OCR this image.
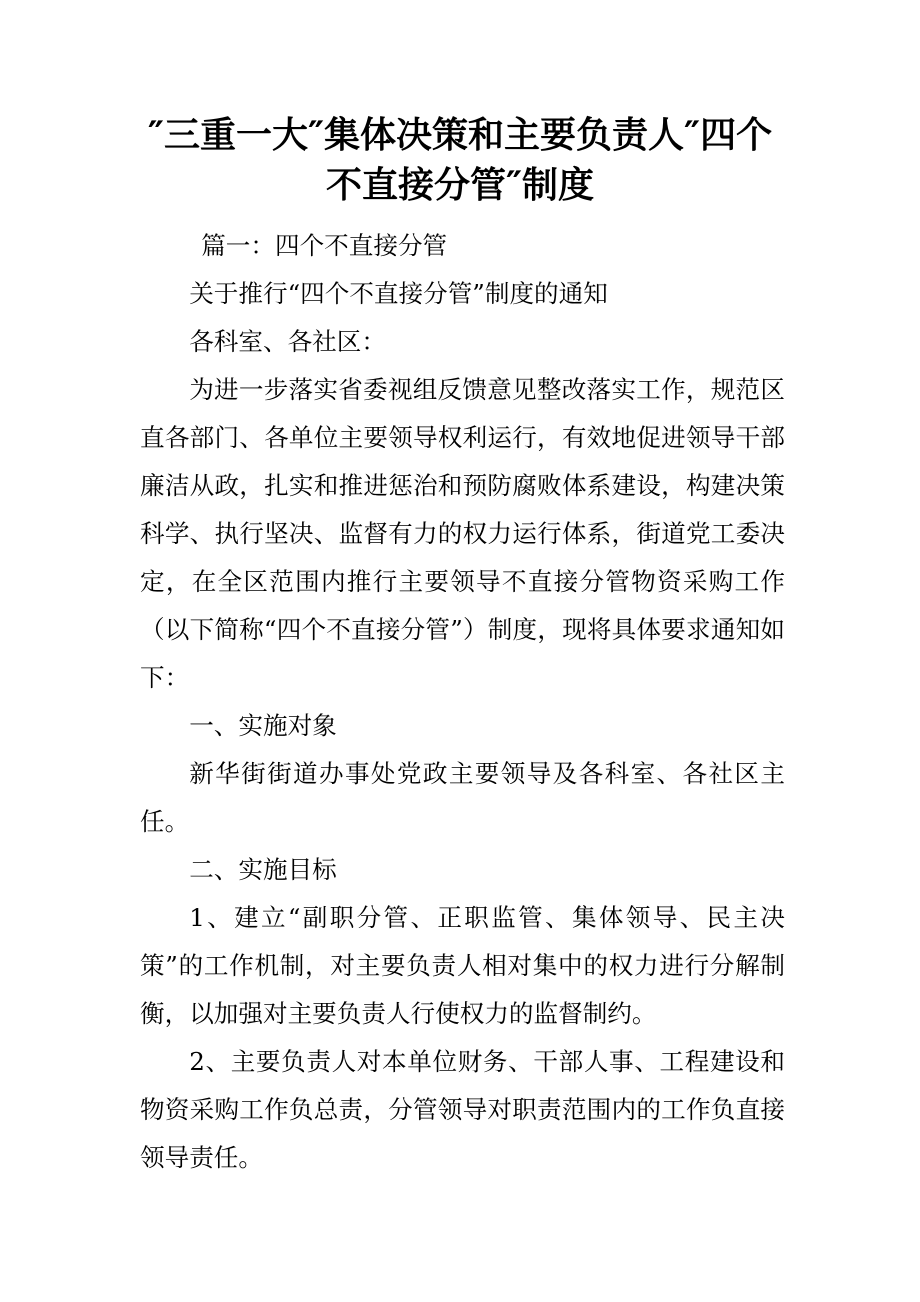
″三重一大″集体决策和主要负责人″四个不直接分管″制度

篇一：四个不直接分管

关于推行“四个不直接分管”制度的通知

各科室、各社区：

为进一步落实省委视组反馈意见整改落实工作，规范区直各部门、各单位主要领导权利运行，有效地促进领导干部廉洁从政，扎实和推进惩治和预防腐败体系建设，构建决策科学、执行坚决、监督有力的权力运行体系，街道党工委决定，在全区范围内推行主要领导不直接分管物资采购工作（以下简称“四个不直接分管”）制度，现将具体要求通知如下：

一、实施对象

新华街街道办事处党政主要领导及各科室、各社区主任。

二、实施目标

1、建立“副职分管、正职监管、集体领导、民主决策”的工作机制，对主要负责人相对集中的权力进行分解制衡，以加强对主要负责人行使权力的监督制约。

2、主要负责人对本单位财务、干部人事、工程建设和物资采购工作负总责，分管领导对职责范围内的工作负直接领导责任。
